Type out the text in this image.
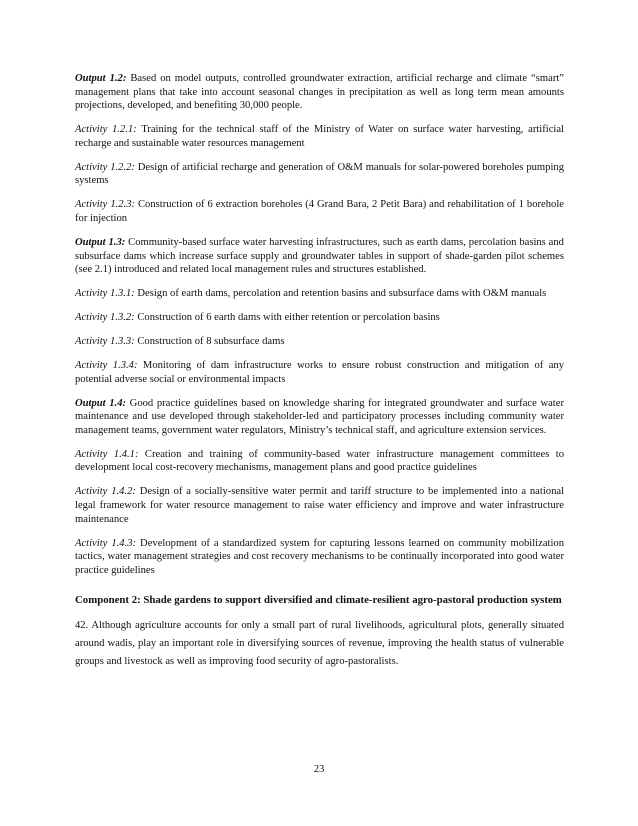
Output 1.2: Based on model outputs, controlled groundwater extraction, artificial recharge and climate “smart” management plans that take into account seasonal changes in precipitation as well as long term mean amounts projections, developed, and benefiting 30,000 people.

Activity 1.2.1: Training for the technical staff of the Ministry of Water on surface water harvesting, artificial recharge and sustainable water resources management

Activity 1.2.2: Design of artificial recharge and generation of O&M manuals for solar-powered boreholes pumping systems

Activity 1.2.3: Construction of 6 extraction boreholes (4 Grand Bara, 2 Petit Bara) and rehabilitation of 1 borehole for injection

Output 1.3: Community-based surface water harvesting infrastructures, such as earth dams, percolation basins and subsurface dams which increase surface supply and groundwater tables in support of shade-garden pilot schemes (see 2.1) introduced and related local management rules and structures established.

Activity 1.3.1: Design of earth dams, percolation and retention basins and subsurface dams with O&M manuals

Activity 1.3.2: Construction of 6 earth dams with either retention or percolation basins

Activity 1.3.3: Construction of 8 subsurface dams

Activity 1.3.4: Monitoring of dam infrastructure works to ensure robust construction and mitigation of any potential adverse social or environmental impacts

Output 1.4: Good practice guidelines based on knowledge sharing for integrated groundwater and surface water maintenance and use developed through stakeholder-led and participatory processes including community water management teams, government water regulators, Ministry’s technical staff, and agriculture extension services.

Activity 1.4.1: Creation and training of community-based water infrastructure management committees to development local cost-recovery mechanisms, management plans and good practice guidelines

Activity 1.4.2: Design of a socially-sensitive water permit and tariff structure to be implemented into a national legal framework for water resource management to raise water efficiency and improve and water infrastructure maintenance

Activity 1.4.3: Development of a standardized system for capturing lessons learned on community mobilization tactics, water management strategies and cost recovery mechanisms to be continually incorporated into good water practice guidelines

Component 2: Shade gardens to support diversified and climate-resilient agro-pastoral production system

42. Although agriculture accounts for only a small part of rural livelihoods, agricultural plots, generally situated around wadis, play an important role in diversifying sources of revenue, improving the health status of vulnerable groups and livestock as well as improving food security of agro-pastoralists.

23
